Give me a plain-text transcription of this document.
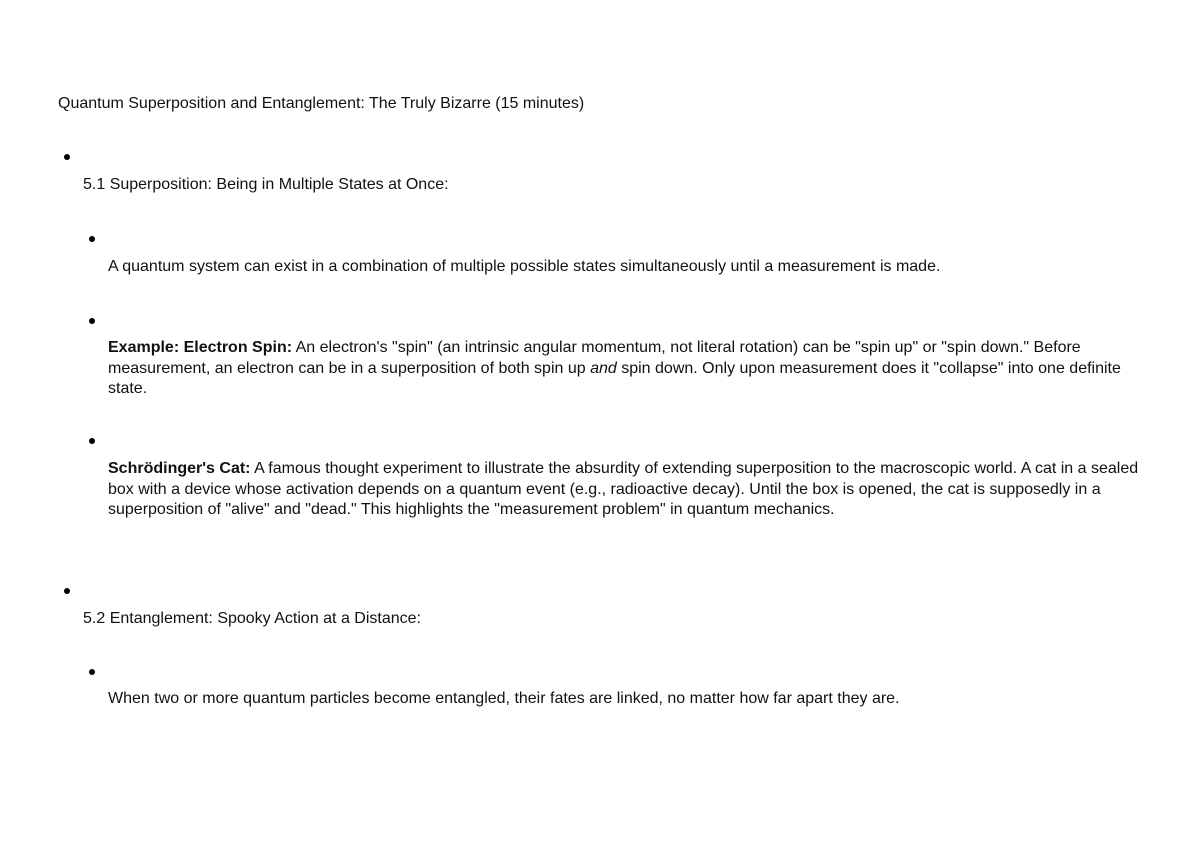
Quantum Superposition and Entanglement: The Truly Bizarre (15 minutes)
5.1 Superposition: Being in Multiple States at Once:
A quantum system can exist in a combination of multiple possible states simultaneously until a measurement is made.
Example: Electron Spin: An electron's "spin" (an intrinsic angular momentum, not literal rotation) can be "spin up" or "spin down." Before measurement, an electron can be in a superposition of both spin up and spin down. Only upon measurement does it "collapse" into one definite state.
Schrödinger's Cat: A famous thought experiment to illustrate the absurdity of extending superposition to the macroscopic world. A cat in a sealed box with a device whose activation depends on a quantum event (e.g., radioactive decay). Until the box is opened, the cat is supposedly in a superposition of "alive" and "dead." This highlights the "measurement problem" in quantum mechanics.
5.2 Entanglement: Spooky Action at a Distance:
When two or more quantum particles become entangled, their fates are linked, no matter how far apart they are.
